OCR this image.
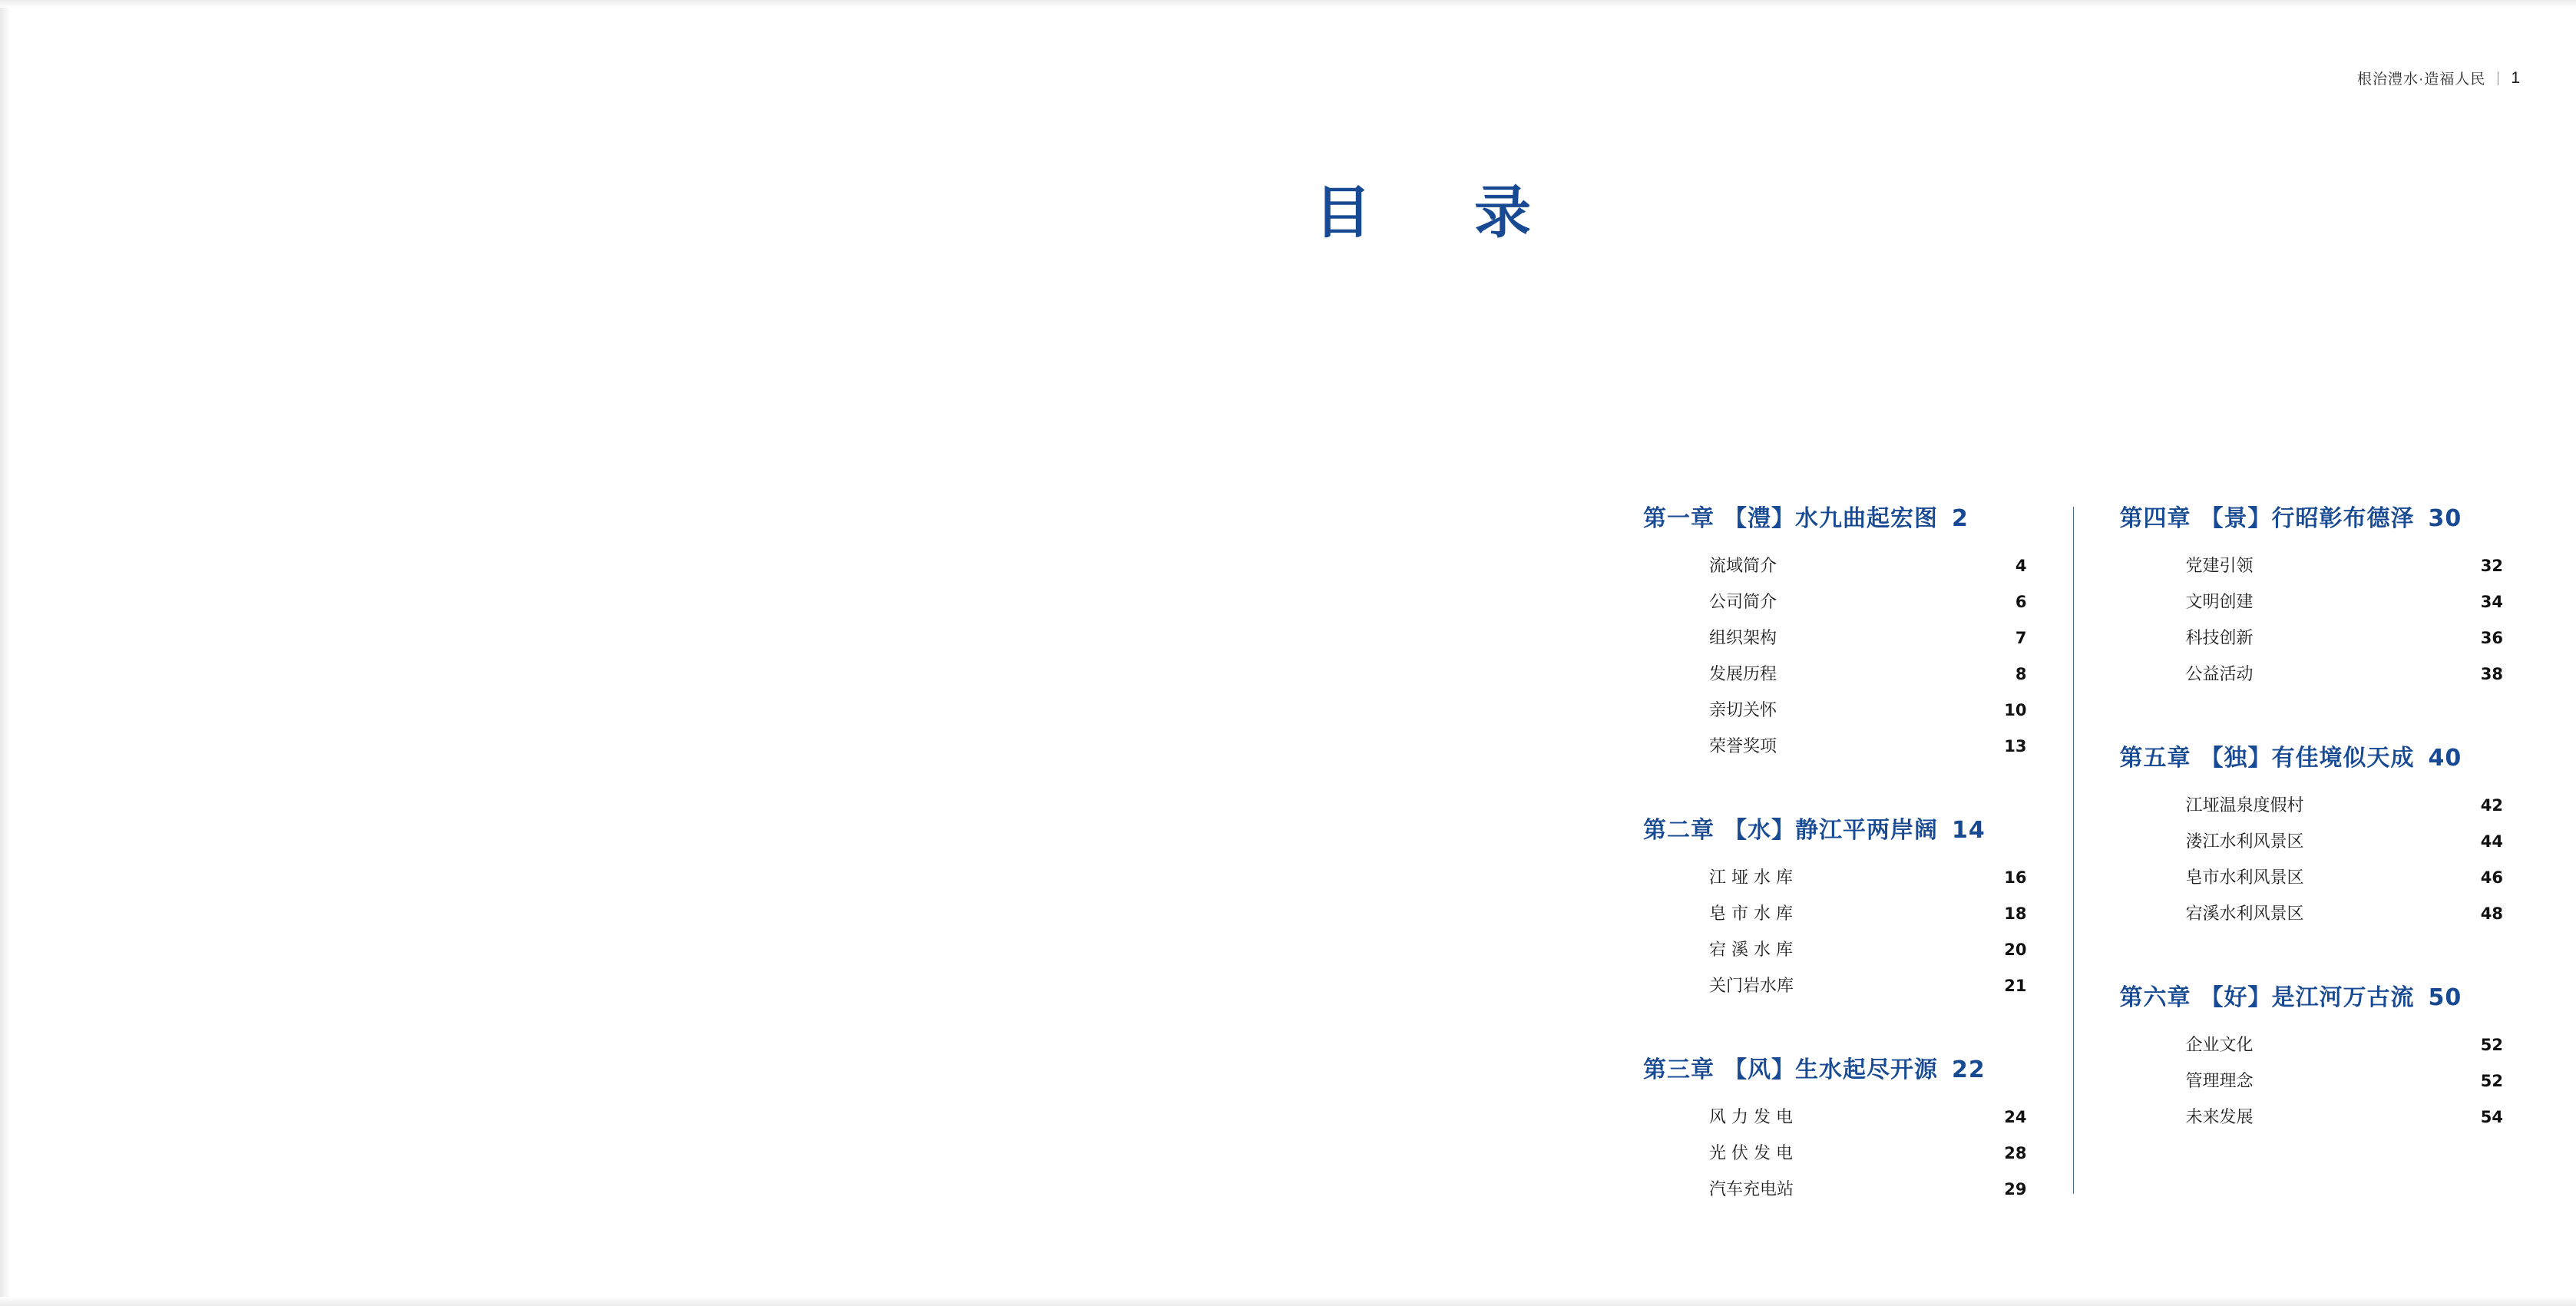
根治澧水·造福人民 1
目　录
第一章 【澧】水九曲起宏图 2
流域简介	4
公司简介	6
组织架构	7
发展历程	8
亲切关怀	10
荣誉奖项	13
第二章 【水】静江平两岸阔 14
江垭水库	16
皂市水库	18
宕溪水库	20
关门岩水库	21
第三章 【风】生水起尽开源 22
风力发电	24
光伏发电	28
汽车充电站	29
第四章 【景】行昭彰布德泽 30
党建引领	32
文明创建	34
科技创新	36
公益活动	38
第五章 【独】有佳境似天成 40
江垭温泉度假村	42
溇江水利风景区	44
皂市水利风景区	46
宕溪水利风景区	48
第六章 【好】是江河万古流 50
企业文化	52
管理理念	52
未来发展	54
